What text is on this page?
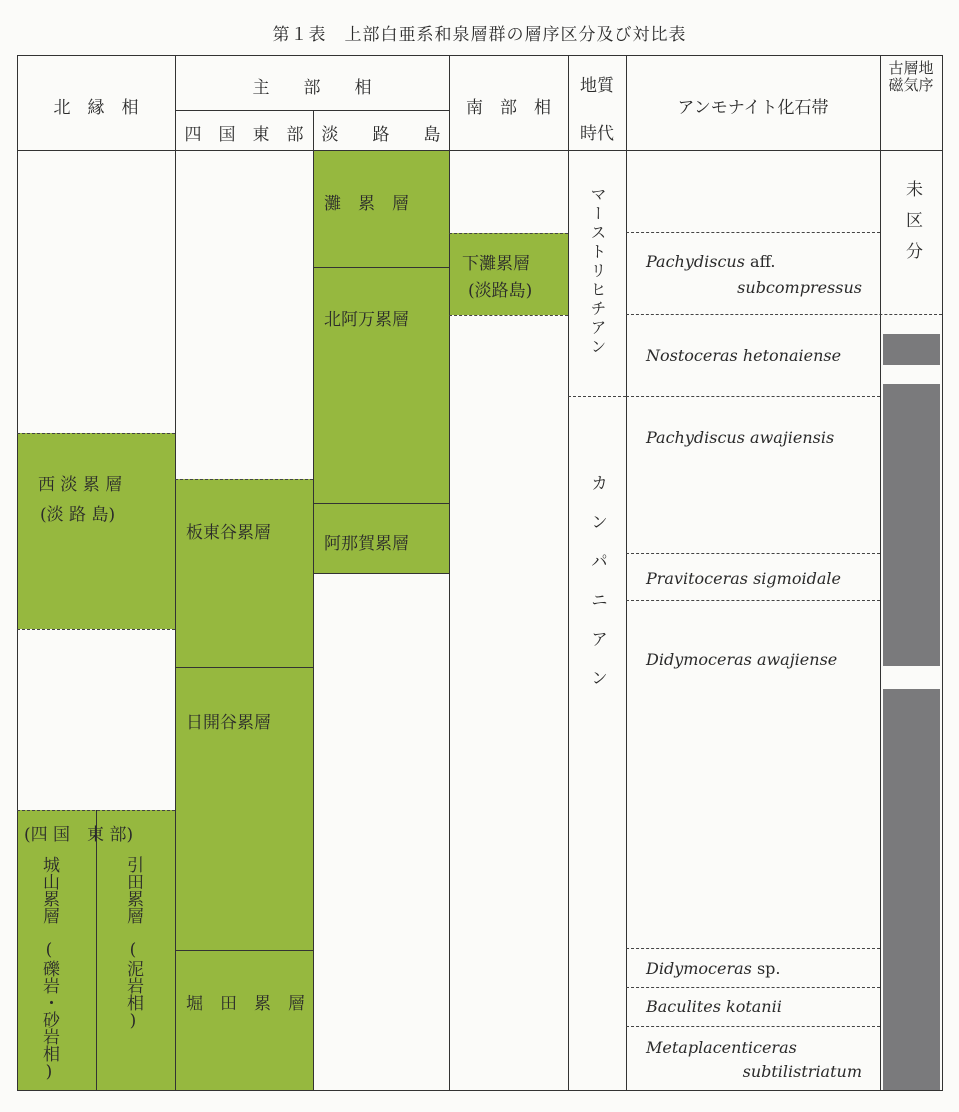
第１表　上部白亜系和泉層群の層序区分及び対比表
北　縁　相
主　　部　　相
四　国　東　部	淡　　路　　島
南　部　相
地質
時代
アンモナイト化石帯
古層地磁気序
灘　累　層
下灘累層
(淡路島)
北阿万累層
阿那賀累層
西 淡 累 層
(淡 路 島)
板東谷累層
日開谷累層
堀　田　累　層
(四 国　東 部)
城山累層
(礫岩・砂岩相)
引田累層
(泥岩相)
マーストリヒチアン
カンパニアン
Pachydiscus aff.
subcompressus
Nostoceras hetonaiense
Pachydiscus awajiensis
Pravitoceras sigmoidale
Didymoceras awajiense
Didymoceras sp.
Baculites kotanii
Metaplacenticeras
subtilistriatum
未区分
